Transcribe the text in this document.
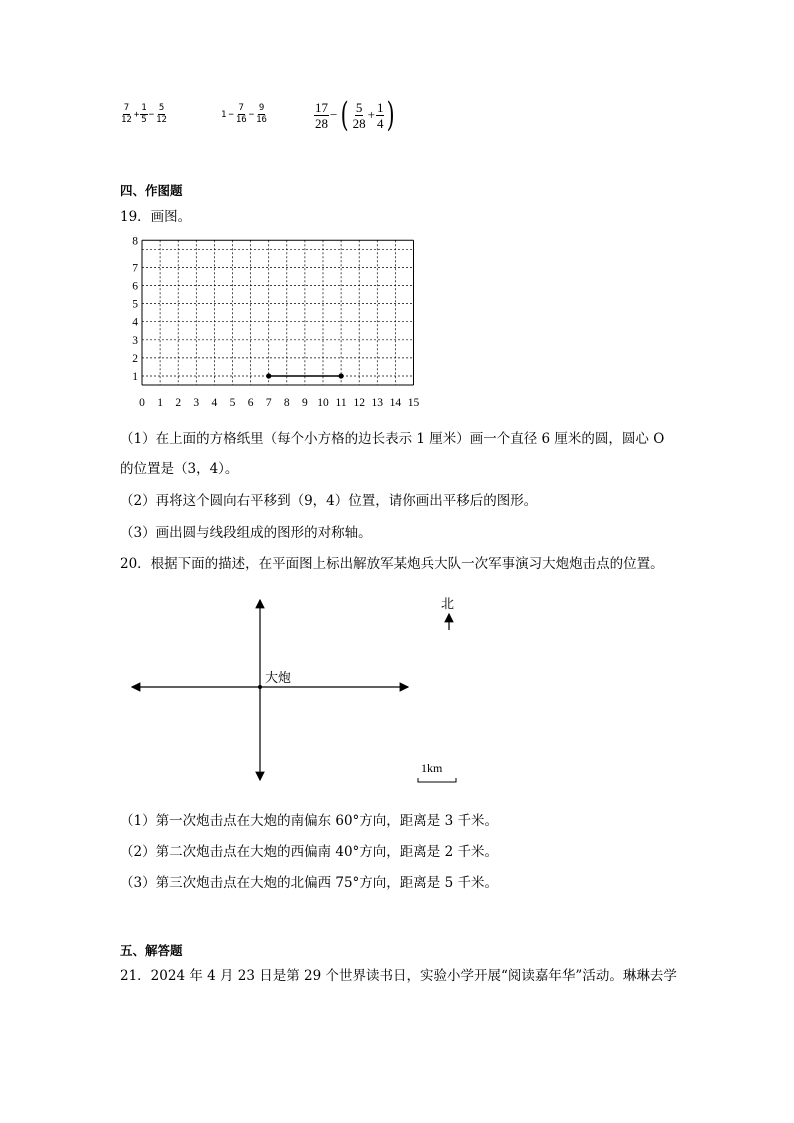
$\frac{7}{12} + \frac{1}{5} - \frac{5}{12}$	$1 - \frac{7}{16} - \frac{9}{16}$	$\frac{17}{28}$ − ( $\frac{5}{28} + \frac{1}{4}$ )
四、作图题
19．画图。
8
7
6
5
4
3
2
1
0 1 2 3 4 5 6 7 8 9 10 11 12 13 14 15
（1）在上面的方格纸里（每个小方格的边长表示 1 厘米）画一个直径 6 厘米的圆，圆心 O
的位置是（3，4）。
（2）再将这个圆向右平移到（9，4）位置，请你画出平移后的图形。
（3）画出圆与线段组成的图形的对称轴。
20．根据下面的描述，在平面图上标出解放军某炮兵大队一次军事演习大炮炮击点的位置。
大炮
北
1km
（1）第一次炮击点在大炮的南偏东 60°方向，距离是 3 千米。
（2）第二次炮击点在大炮的西偏南 40°方向，距离是 2 千米。
（3）第三次炮击点在大炮的北偏西 75°方向，距离是 5 千米。
五、解答题
21．2024 年 4 月 23 日是第 29 个世界读书日，实验小学开展“阅读嘉年华”活动。琳琳去学
